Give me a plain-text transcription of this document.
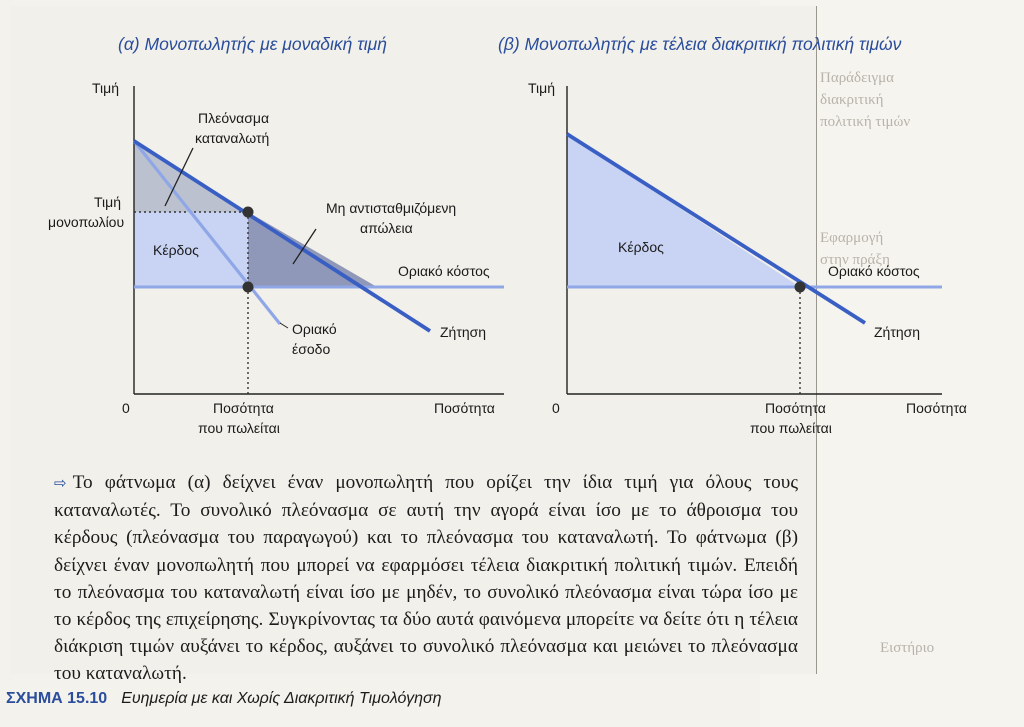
Παράδειγμα
διακριτική
πολιτική τιμών
Εφαρμογή
στην πράξη
Ειστήριο
(α) Μονοπωλητής με μοναδική τιμή	(β) Μονοπωλητής με τέλεια διακριτική πολιτική τιμών
Τιμή
0	Ποσότητα
Πλεόνασμα
καταναλωτή
Τιμή
μονοπωλίου
Μη αντισταθμιζόμενη
απώλεια
Κέρδος
Οριακό κόστος
Οριακό
έσοδο
Ζήτηση
Ποσότητα
που πωλείται
Τιμή
0	Ποσότητα
Κέρδος
Οριακό κόστος
Ζήτηση
Ποσότητα
που πωλείται
⇨ Το φάτνωμα (α) δείχνει έναν μονοπωλητή που ορίζει την ίδια τιμή για όλους τους καταναλωτές. Το συνολικό πλεόνασμα σε αυτή την αγορά είναι ίσο με το άθροισμα του κέρδους (πλεόνασμα του παραγωγού) και το πλεόνασμα του καταναλωτή. Το φάτνωμα (β) δείχνει έναν μονοπωλητή που μπορεί να εφαρμόσει τέλεια διακριτική πολιτική τιμών. Επειδή το πλεόνασμα του καταναλωτή είναι ίσο με μηδέν, το συνολικό πλεόνασμα είναι τώρα ίσο με το κέρδος της επιχείρησης. Συγκρίνοντας τα δύο αυτά φαινόμενα μπορείτε να δείτε ότι η τέλεια διάκριση τιμών αυξάνει το κέρδος, αυξάνει το συνολικό πλεόνασμα και μειώνει το πλεόνασμα του καταναλωτή.
ΣΧΗΜΑ 15.10 Ευημερία με και Χωρίς Διακριτική Τιμολόγηση
